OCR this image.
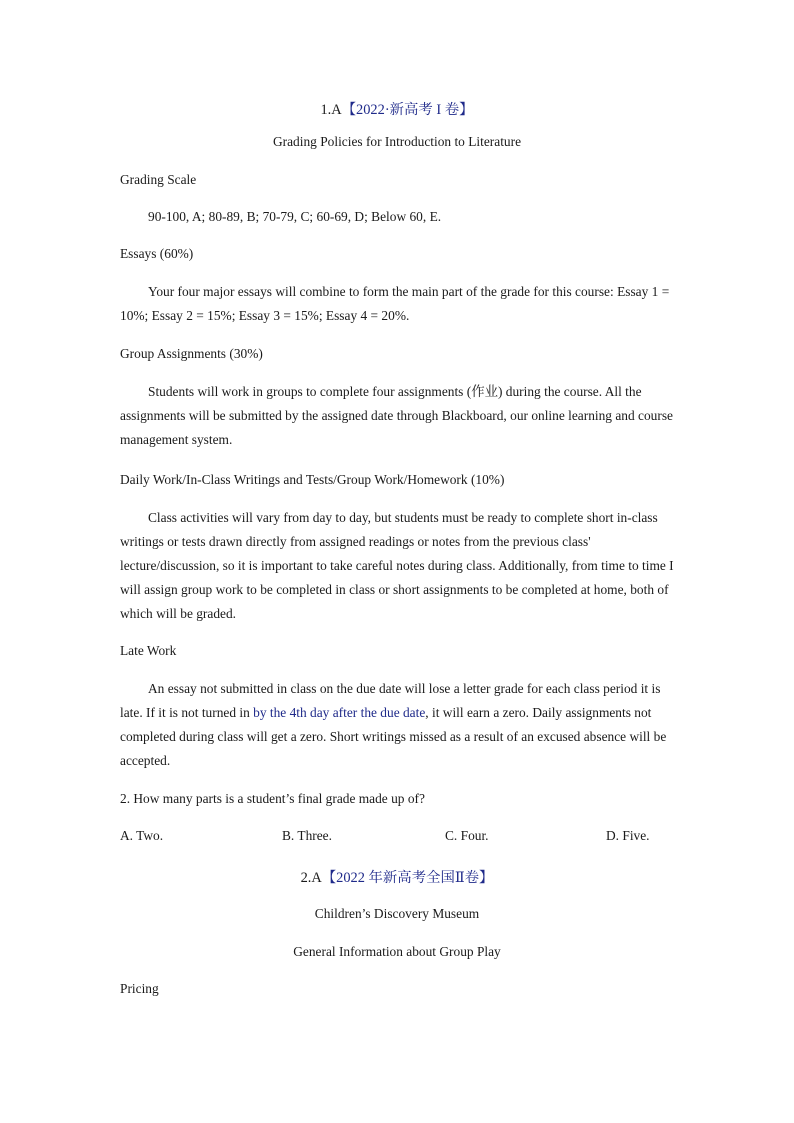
1.A【2022·新高考 I 卷】
Grading Policies for Introduction to Literature
Grading Scale
90-100, A; 80-89, B; 70-79, C; 60-69, D; Below 60, E.
Essays (60%)
Your four major essays will combine to form the main part of the grade for this course: Essay 1 = 10%; Essay 2 = 15%; Essay 3 = 15%; Essay 4 = 20%.
Group Assignments (30%)
Students will work in groups to complete four assignments (作业) during the course. All the assignments will be submitted by the assigned date through Blackboard, our online learning and course management system.
Daily Work/In-Class Writings and Tests/Group Work/Homework (10%)
Class activities will vary from day to day, but students must be ready to complete short in-class writings or tests drawn directly from assigned readings or notes from the previous class' lecture/discussion, so it is important to take careful notes during class. Additionally, from time to time I will assign group work to be completed in class or short assignments to be completed at home, both of which will be graded.
Late Work
An essay not submitted in class on the due date will lose a letter grade for each class period it is late. If it is not turned in by the 4th day after the due date, it will earn a zero. Daily assignments not completed during class will get a zero. Short writings missed as a result of an excused absence will be accepted.
2. How many parts is a student’s final grade made up of?
A. Two.	B. Three.	C. Four.	D. Five.
2.A【2022 年新高考全国Ⅱ卷】
Children’s Discovery Museum
General Information about Group Play
Pricing
